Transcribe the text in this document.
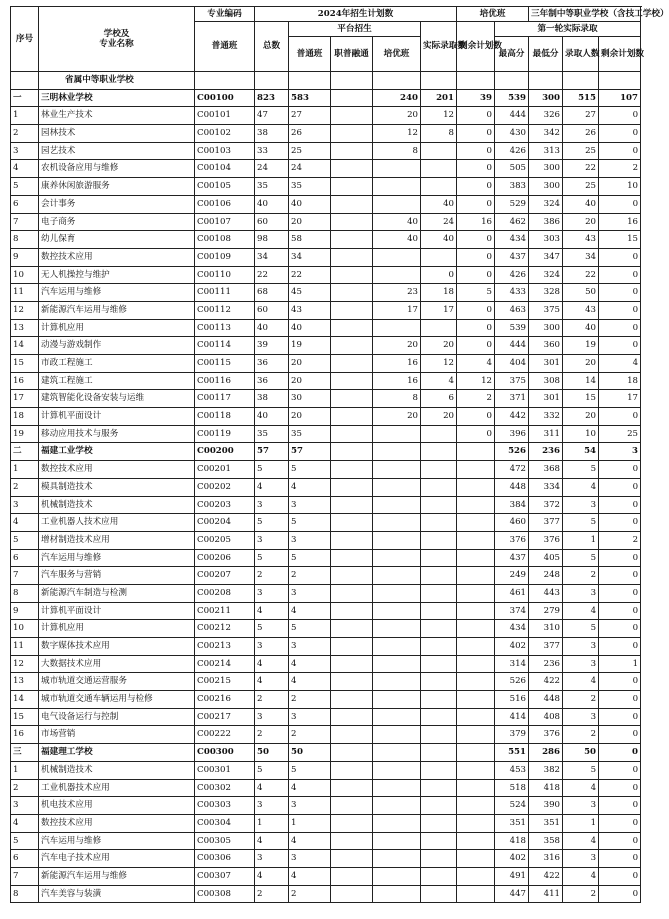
序号	学校及
专业名称	专业编码	2024年招生计划数					培优班		三年制中等职业学校（含技工学校）		
		普通班	总数	平台招生			实际录取数	剩余计划数	第一轮实际录取			
				普通班	职普融通	培优班			最高分	最低分	录取人数	剩余计划数
	省属中等职业学校											
一	三明林业学校	C00100	823	583		240	201	39	539	300	515	107
1	林业生产技术	C00101	47	27		20	12	0	444	326	27	0
2	园林技术	C00102	38	26		12	8	0	430	342	26	0
3	园艺技术	C00103	33	25		8		0	426	313	25	0
4	农机设备应用与维修	C00104	24	24				0	505	300	22	2
5	康养休闲旅游服务	C00105	35	35				0	383	300	25	10
6	会计事务	C00106	40	40			40	0	529	324	40	0
7	电子商务	C00107	60	20		40	24	16	462	386	20	16
8	幼儿保育	C00108	98	58		40	40	0	434	303	43	15
9	数控技术应用	C00109	34	34				0	437	347	34	0
10	无人机操控与维护	C00110	22	22			0	0	426	324	22	0
11	汽车运用与维修	C00111	68	45		23	18	5	433	328	50	0
12	新能源汽车运用与维修	C00112	60	43		17	17	0	463	375	43	0
13	计算机应用	C00113	40	40				0	539	300	40	0
14	动漫与游戏制作	C00114	39	19		20	20	0	444	360	19	0
15	市政工程施工	C00115	36	20		16	12	4	404	301	20	4
16	建筑工程施工	C00116	36	20		16	4	12	375	308	14	18
17	建筑智能化设备安装与运维	C00117	38	30		8	6	2	371	301	15	17
18	计算机平面设计	C00118	40	20		20	20	0	442	332	20	0
19	移动应用技术与服务	C00119	35	35				0	396	311	10	25
二	福建工业学校	C00200	57	57					526	236	54	3
1	数控技术应用	C00201	5	5					472	368	5	0
2	模具制造技术	C00202	4	4					448	334	4	0
3	机械制造技术	C00203	3	3					384	372	3	0
4	工业机器人技术应用	C00204	5	5					460	377	5	0
5	增材制造技术应用	C00205	3	3					376	376	1	2
6	汽车运用与维修	C00206	5	5					437	405	5	0
7	汽车服务与营销	C00207	2	2					249	248	2	0
8	新能源汽车制造与检测	C00208	3	3					461	443	3	0
9	计算机平面设计	C00211	4	4					374	279	4	0
10	计算机应用	C00212	5	5					434	310	5	0
11	数字媒体技术应用	C00213	3	3					402	377	3	0
12	大数据技术应用	C00214	4	4					314	236	3	1
13	城市轨道交通运营服务	C00215	4	4					526	422	4	0
14	城市轨道交通车辆运用与检修	C00216	2	2					516	448	2	0
15	电气设备运行与控制	C00217	3	3					414	408	3	0
16	市场营销	C00222	2	2					379	376	2	0
三	福建理工学校	C00300	50	50					551	286	50	0
1	机械制造技术	C00301	5	5					453	382	5	0
2	工业机器技术应用	C00302	4	4					518	418	4	0
3	机电技术应用	C00303	3	3					524	390	3	0
4	数控技术应用	C00304	1	1					351	351	1	0
5	汽车运用与维修	C00305	4	4					418	358	4	0
6	汽车电子技术应用	C00306	3	3					402	316	3	0
7	新能源汽车运用与维修	C00307	4	4					491	422	4	0
8	汽车美容与装潢	C00308	2	2					447	411	2	0
